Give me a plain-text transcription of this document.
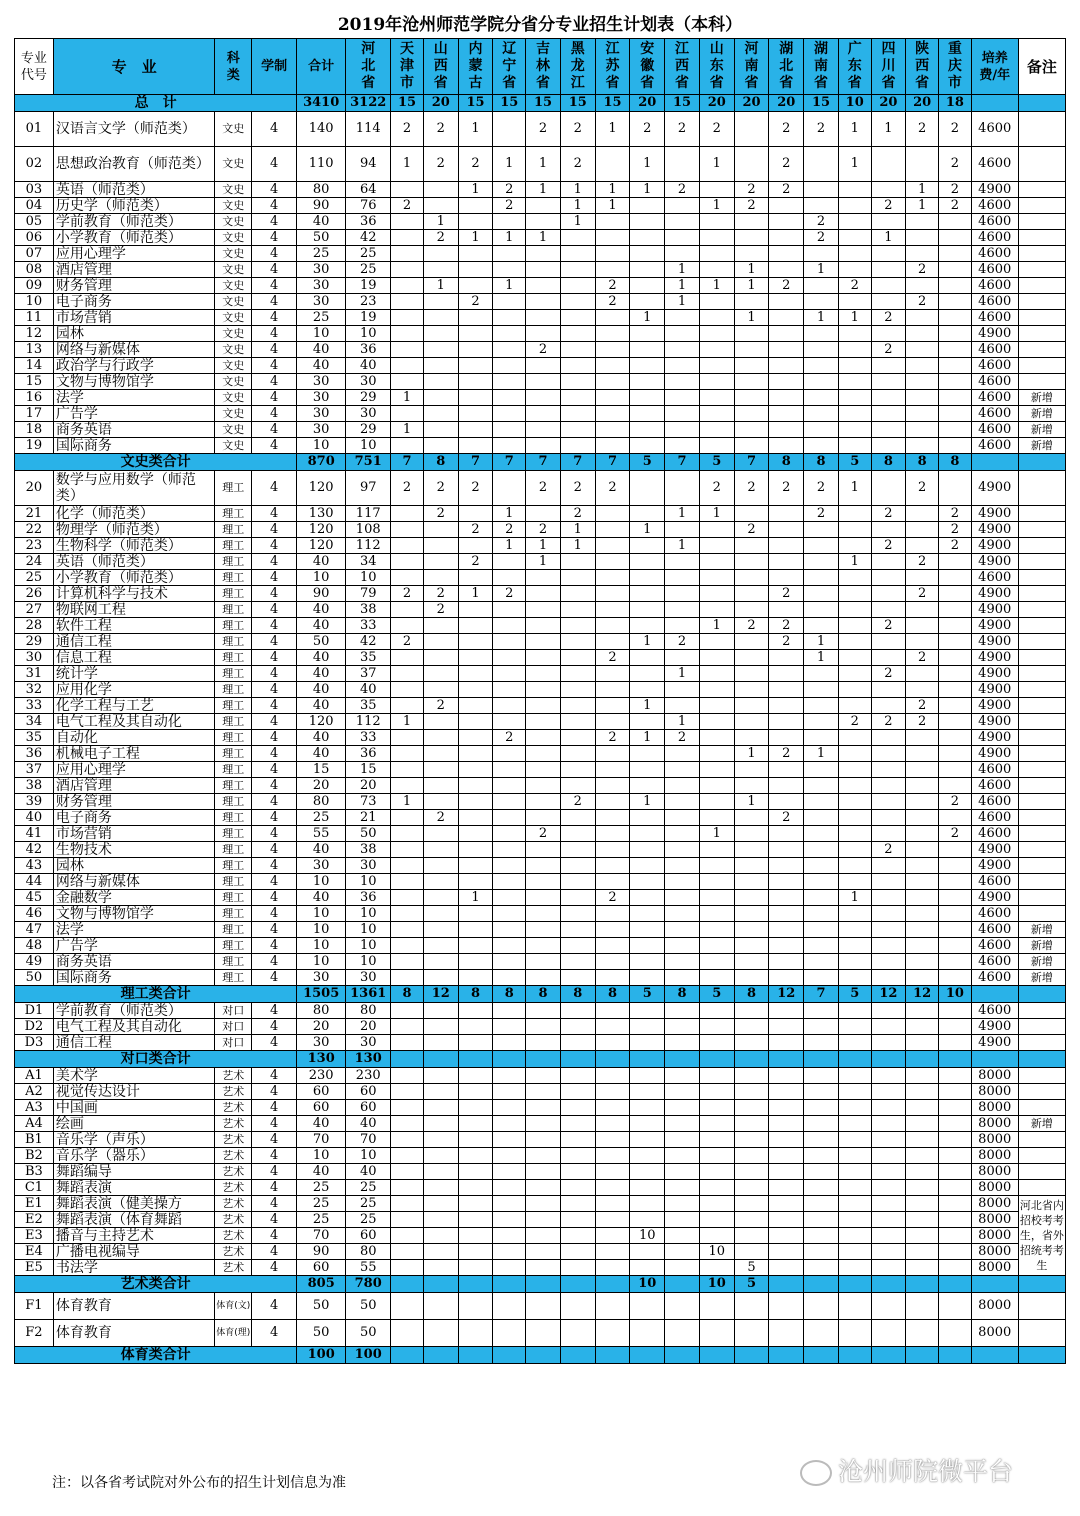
2019年沧州师范学院分省分专业招生计划表（本科）
专业代号	专　业	科类	学制	合计	河北省	天津市	山西省	内蒙古	辽宁省	吉林省	黑龙江	江苏省	安徽省	江西省	山东省	河南省	湖北省	湖南省	广东省	四川省	陕西省	重庆市	培养费/年	备注
总　计				3410	3122	15	20	15	15	15	15	15	20	15	20	20	20	15	10	20	20	18		
01	汉语言文学（师范类）	文史	4	140	114	2	2	1		2	2	1	2	2	2		2	2	1	1	2	2	4600	
02	思想政治教育（师范类）	文史	4	110	94	1	2	2	1	1	2		1		1		2		1			2	4600	
03	英语（师范类）	文史	4	80	64			1	2	1	1	1	1	2		2	2				1	2	4900	
04	历史学（师范类）	文史	4	90	76	2			2		1	1			1	2				2	1	2	4600	
05	学前教育（师范类）	文史	4	40	36		1				1							2					4600	
06	小学教育（师范类）	文史	4	50	42		2	1	1	1								2		1			4600	
07	应用心理学	文史	4	25	25																		4600	
08	酒店管理	文史	4	30	25									1		1		1			2		4600	
09	财务管理	文史	4	30	19		1		1			2		1	1	1	2		2				4600	
10	电子商务	文史	4	30	23			2				2		1							2		4600	
11	市场营销	文史	4	25	19								1			1		1	1	2			4600	
12	园林	文史	4	10	10																		4900	
13	网络与新媒体	文史	4	40	36					2										2			4600	
14	政治学与行政学	文史	4	40	40																		4600	
15	文物与博物馆学	文史	4	30	30																		4600	
16	法学	文史	4	30	29	1																	4600	新增
17	广告学	文史	4	30	30																		4600	新增
18	商务英语	文史	4	30	29	1																	4600	新增
19	国际商务	文史	4	10	10																		4600	新增
文史类合计				870	751	7	8	7	7	7	7	7	5	7	5	7	8	8	5	8	8	8		
20	数学与应用数学（师范类）	理工	4	120	97	2	2	2		2	2	2			2	2	2	2	1		2		4900	
21	化学（师范类）	理工	4	130	117		2		1		2			1	1			2		2		2	4900	
22	物理学（师范类）	理工	4	120	108			2	2	2	1		1			2						2	4900	
23	生物科学（师范类）	理工	4	120	112				1	1	1			1						2		2	4900	
24	英语（师范类）	理工	4	40	34			2		1									1		2		4900	
25	小学教育（师范类）	理工	4	10	10																		4600	
26	计算机科学与技术	理工	4	90	79	2	2	1	2								2				2		4900	
27	物联网工程	理工	4	40	38		2																4900	
28	软件工程	理工	4	40	33										1	2	2			2			4900	
29	通信工程	理工	4	50	42	2							1	2			2	1					4900	
30	信息工程	理工	4	40	35							2						1			2		4900	
31	统计学	理工	4	40	37									1						2			4900	
32	应用化学	理工	4	40	40																		4900	
33	化学工程与工艺	理工	4	40	35		2						1								2		4900	
34	电气工程及其自动化	理工	4	120	112	1								1					2	2	2		4900	
35	自动化	理工	4	40	33				2			2	1	2									4900	
36	机械电子工程	理工	4	40	36											1	2	1					4900	
37	应用心理学	理工	4	15	15																		4600	
38	酒店管理	理工	4	20	20																		4600	
39	财务管理	理工	4	80	73	1					2		1			1						2	4600	
40	电子商务	理工	4	25	21		2										2						4600	
41	市场营销	理工	4	55	50					2					1							2	4600	
42	生物技术	理工	4	40	38															2			4900	
43	园林	理工	4	30	30																		4900	
44	网络与新媒体	理工	4	10	10																		4600	
45	金融数学	理工	4	40	36			1				2							1				4900	
46	文物与博物馆学	理工	4	10	10																		4600	
47	法学	理工	4	10	10																		4600	新增
48	广告学	理工	4	10	10																		4600	新增
49	商务英语	理工	4	10	10																		4600	新增
50	国际商务	理工	4	30	30																		4600	新增
理工类合计				1505	1361	8	12	8	8	8	8	8	5	8	5	8	12	7	5	12	12	10		
D1	学前教育（师范类）	对口	4	80	80																		4600	
D2	电气工程及其自动化	对口	4	20	20																		4900	
D3	通信工程	对口	4	30	30																		4900	
对口类合计				130	130																			
A1	美术学	艺术	4	230	230																		8000	
A2	视觉传达设计	艺术	4	60	60																		8000	
A3	中国画	艺术	4	60	60																		8000	
A4	绘画	艺术	4	40	40																		8000	新增
B1	音乐学（声乐）	艺术	4	70	70																		8000	
B2	音乐学（器乐）	艺术	4	10	10																		8000	
B3	舞蹈编导	艺术	4	40	40																		8000	
C1	舞蹈表演	艺术	4	25	25																		8000	
E1	舞蹈表演（健美操方	艺术	4	25	25																		8000	河北省内招校考考生，省外招统考考生
E2	舞蹈表演（体育舞蹈	艺术	4	25	25																		8000	
E3	播音与主持艺术	艺术	4	70	60								10										8000	
E4	广播电视编导	艺术	4	90	80										10								8000	
E5	书法学	艺术	4	60	55											5							8000	
艺术类合计				805	780								10		10	5								
F1	体育教育	体育(文)	4	50	50																		8000	
F2	体育教育	体育(理)	4	50	50																		8000	
体育类合计				100	100																			
注：以各省考试院对外公布的招生计划信息为准	沧州师院微平台
